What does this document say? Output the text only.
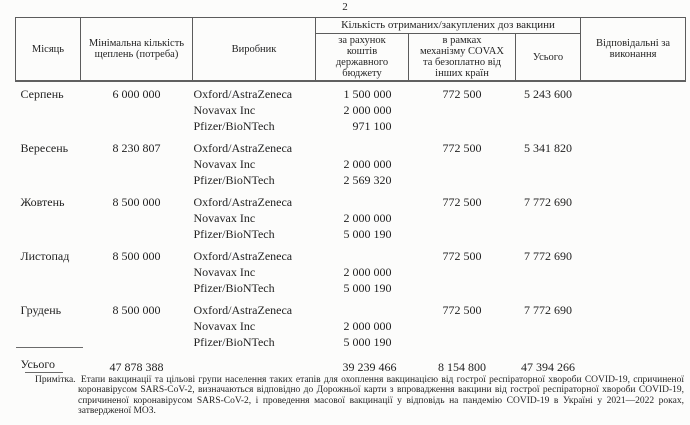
2
Місяць	Мінімальна кількість щеплень (потреба)	Виробник	Кількість отриманих/закуплених доз вакцини			Відповідальні за виконання
			за рахунок коштів державного бюджету	в рамках механізму COVAX та безоплатно від інших країн	Усього	
Серпень	6 000 000	Oxford/AstraZeneca	1 500 000	772 500	5 243 600	
		Novavax Inc	2 000 000			
		Pfizer/BioNTech	971 100			
Вересень	8 230 807	Oxford/AstraZeneca		772 500	5 341 820	
		Novavax Inc	2 000 000			
		Pfizer/BioNTech	2 569 320			
Жовтень	8 500 000	Oxford/AstraZeneca		772 500	7 772 690	
		Novavax Inc	2 000 000			
		Pfizer/BioNTech	5 000 190			
Листопад	8 500 000	Oxford/AstraZeneca		772 500	7 772 690	
		Novavax Inc	2 000 000			
		Pfizer/BioNTech	5 000 190			
Грудень	8 500 000	Oxford/AstraZeneca		772 500	7 772 690	
		Novavax Inc	2 000 000			
		Pfizer/BioNTech	5 000 190			
Усього	47 878 388		39 239 466	8 154 800	47 394 266	

Примітка. Етапи вакцинації та цільові групи населення таких етапів для охоплення вакцинацією від гострої респіраторної хвороби COVID-19, спричиненої коронавірусом SARS-CoV-2, визначаються відповідно до Дорожньої карти з впровадження вакцини від гострої респіраторної хвороби COVID-19, спричиненої коронавірусом SARS-CoV-2, і проведення масової вакцинації у відповідь на пандемію COVID-19 в Україні у 2021—2022 роках, затвердженої МОЗ.
